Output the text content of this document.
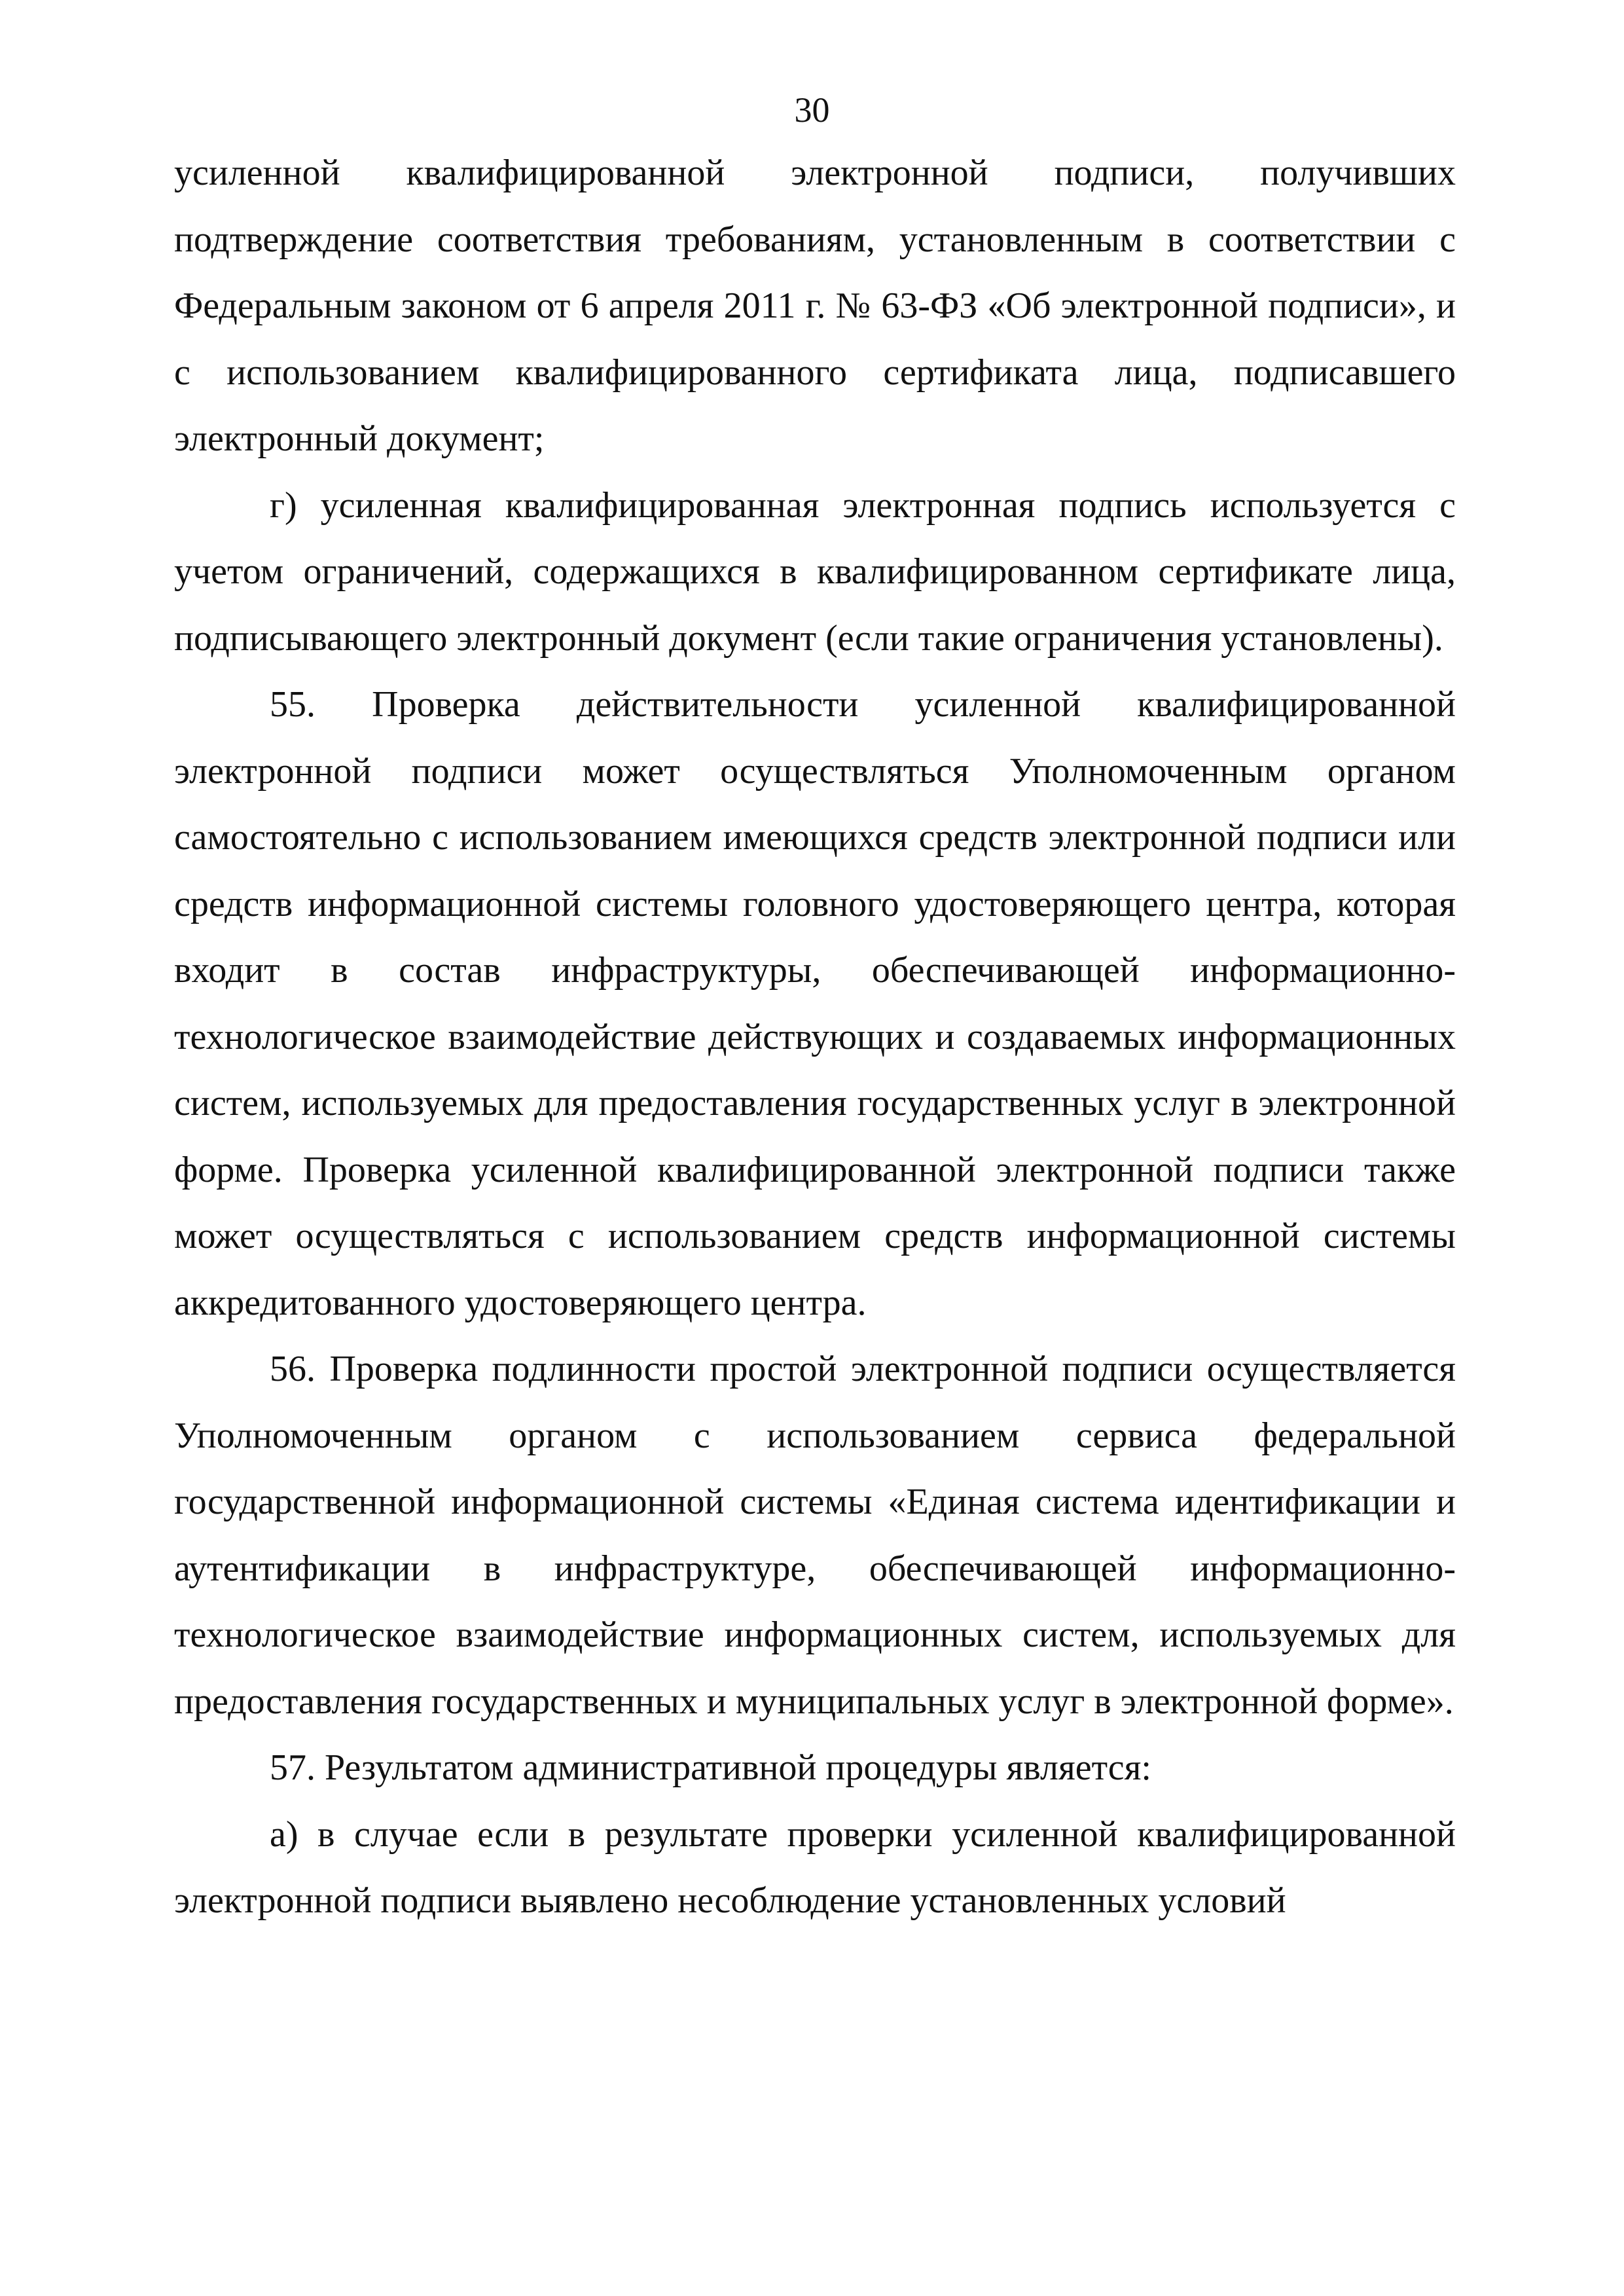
30

усиленной квалифицированной электронной подписи, получивших подтверждение соответствия требованиям, установленным в соответствии с Федеральным законом от 6 апреля 2011 г. № 63-ФЗ «Об электронной подписи», и с использованием квалифицированного сертификата лица, подписавшего электронный документ;

г) усиленная квалифицированная электронная подпись используется с учетом ограничений, содержащихся в квалифицированном сертификате лица, подписывающего электронный документ (если такие ограничения установлены).

55. Проверка действительности усиленной квалифицированной электронной подписи может осуществляться Уполномоченным органом самостоятельно с использованием имеющихся средств электронной подписи или средств информационной системы головного удостоверяющего центра, которая входит в состав инфраструктуры, обеспечивающей информационно-технологическое взаимодействие действующих и создаваемых информационных систем, используемых для предоставления государственных услуг в электронной форме. Проверка усиленной квалифицированной электронной подписи также может осуществляться с использованием средств информационной системы аккредитованного удостоверяющего центра.

56. Проверка подлинности простой электронной подписи осуществляется Уполномоченным органом с использованием сервиса федеральной государственной информационной системы «Единая система идентификации и аутентификации в инфраструктуре, обеспечивающей информационно-технологическое взаимодействие информационных систем, используемых для предоставления государственных и муниципальных услуг в электронной форме».

57. Результатом административной процедуры является:

а) в случае если в результате проверки усиленной квалифицированной электронной подписи выявлено несоблюдение установленных условий
